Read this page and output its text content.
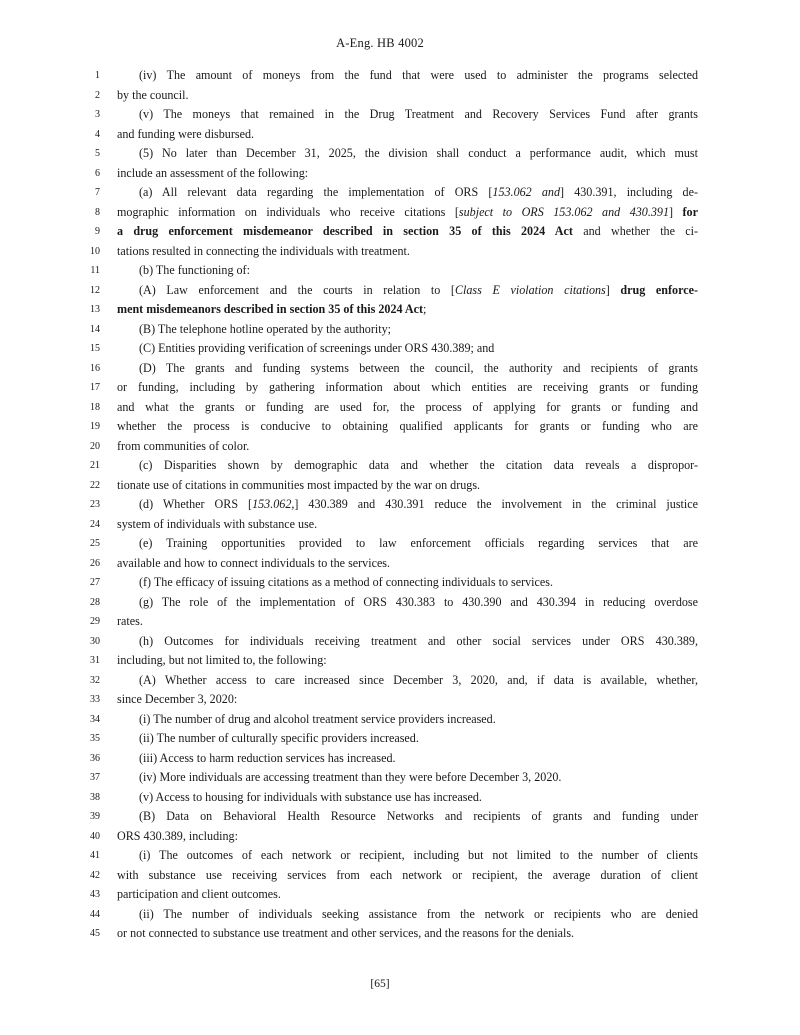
A-Eng. HB 4002
1	(iv) The amount of moneys from the fund that were used to administer the programs selected
2 by the council.
3	(v) The moneys that remained in the Drug Treatment and Recovery Services Fund after grants
4 and funding were disbursed.
5	(5) No later than December 31, 2025, the division shall conduct a performance audit, which must
6 include an assessment of the following:
7	(a) All relevant data regarding the implementation of ORS [153.062 and] 430.391, including de-
8 mographic information on individuals who receive citations [subject to ORS 153.062 and 430.391] for
9 a drug enforcement misdemeanor described in section 35 of this 2024 Act and whether the ci-
10 tations resulted in connecting the individuals with treatment.
11	(b) The functioning of:
12	(A) Law enforcement and the courts in relation to [Class E violation citations] drug enforce-
13 ment misdemeanors described in section 35 of this 2024 Act;
14	(B) The telephone hotline operated by the authority;
15	(C) Entities providing verification of screenings under ORS 430.389; and
16	(D) The grants and funding systems between the council, the authority and recipients of grants
17 or funding, including by gathering information about which entities are receiving grants or funding
18 and what the grants or funding are used for, the process of applying for grants or funding and
19 whether the process is conducive to obtaining qualified applicants for grants or funding who are
20 from communities of color.
21	(c) Disparities shown by demographic data and whether the citation data reveals a dispropor-
22 tionate use of citations in communities most impacted by the war on drugs.
23	(d) Whether ORS [153.062,] 430.389 and 430.391 reduce the involvement in the criminal justice
24 system of individuals with substance use.
25	(e) Training opportunities provided to law enforcement officials regarding services that are
26 available and how to connect individuals to the services.
27	(f) The efficacy of issuing citations as a method of connecting individuals to services.
28	(g) The role of the implementation of ORS 430.383 to 430.390 and 430.394 in reducing overdose
29 rates.
30	(h) Outcomes for individuals receiving treatment and other social services under ORS 430.389,
31 including, but not limited to, the following:
32	(A) Whether access to care increased since December 3, 2020, and, if data is available, whether,
33 since December 3, 2020:
34	(i) The number of drug and alcohol treatment service providers increased.
35	(ii) The number of culturally specific providers increased.
36	(iii) Access to harm reduction services has increased.
37	(iv) More individuals are accessing treatment than they were before December 3, 2020.
38	(v) Access to housing for individuals with substance use has increased.
39	(B) Data on Behavioral Health Resource Networks and recipients of grants and funding under
40 ORS 430.389, including:
41	(i) The outcomes of each network or recipient, including but not limited to the number of clients
42 with substance use receiving services from each network or recipient, the average duration of client
43 participation and client outcomes.
44	(ii) The number of individuals seeking assistance from the network or recipients who are denied
45 or not connected to substance use treatment and other services, and the reasons for the denials.
[65]
